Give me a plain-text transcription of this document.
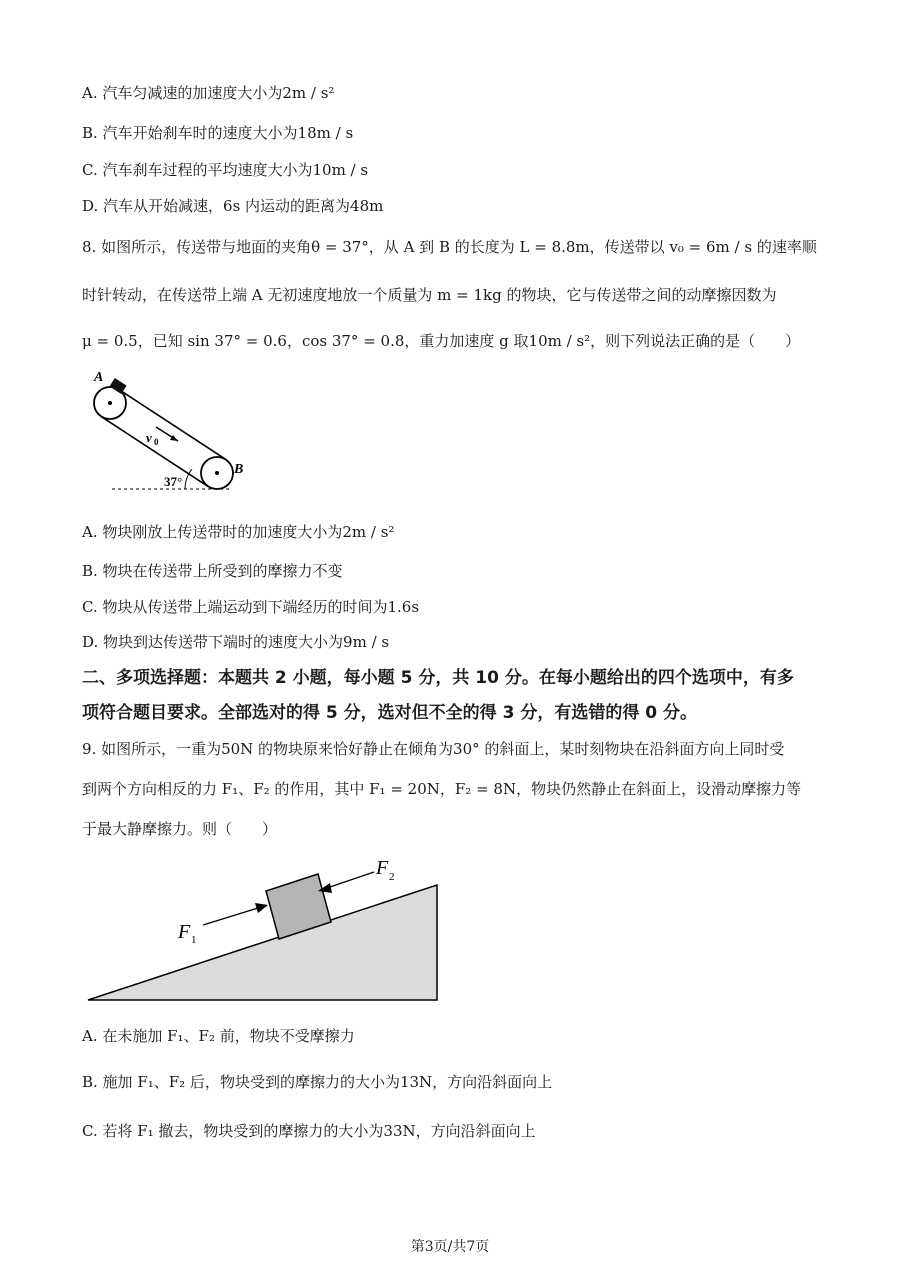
A. 汽车匀减速的加速度大小为2m / s²
B. 汽车开始刹车时的速度大小为18m / s
C. 汽车刹车过程的平均速度大小为10m / s
D. 汽车从开始减速，6s 内运动的距离为48m
8. 如图所示，传送带与地面的夹角θ = 37°，从 A 到 B 的长度为 L = 8.8m，传送带以 v₀ = 6m / s 的速率顺
时针转动，在传送带上端 A 无初速度地放一个质量为 m = 1kg 的物块，它与传送带之间的动摩擦因数为
μ = 0.5，已知 sin 37° = 0.6，cos 37° = 0.8，重力加速度 g 取10m / s²，则下列说法正确的是（　　）
A
B
v 0
37°
A. 物块刚放上传送带时的加速度大小为2m / s²
B. 物块在传送带上所受到的摩擦力不变
C. 物块从传送带上端运动到下端经历的时间为1.6s
D. 物块到达传送带下端时的速度大小为9m / s
二、多项选择题：本题共 2 小题，每小题 5 分，共 10 分。在每小题给出的四个选项中，有多
项符合题目要求。全部选对的得 5 分，选对但不全的得 3 分，有选错的得 0 分。
9. 如图所示，一重为50N 的物块原来恰好静止在倾角为30° 的斜面上，某时刻物块在沿斜面方向上同时受
到两个方向相反的力 F₁、F₂ 的作用，其中 F₁ = 20N，F₂ = 8N，物块仍然静止在斜面上，设滑动摩擦力等
于最大静摩擦力。则（　　）
F 1
F 2
A. 在未施加 F₁、F₂ 前，物块不受摩擦力
B. 施加 F₁、F₂ 后，物块受到的摩擦力的大小为13N，方向沿斜面向上
C. 若将 F₁ 撤去，物块受到的摩擦力的大小为33N，方向沿斜面向上
第3页/共7页
